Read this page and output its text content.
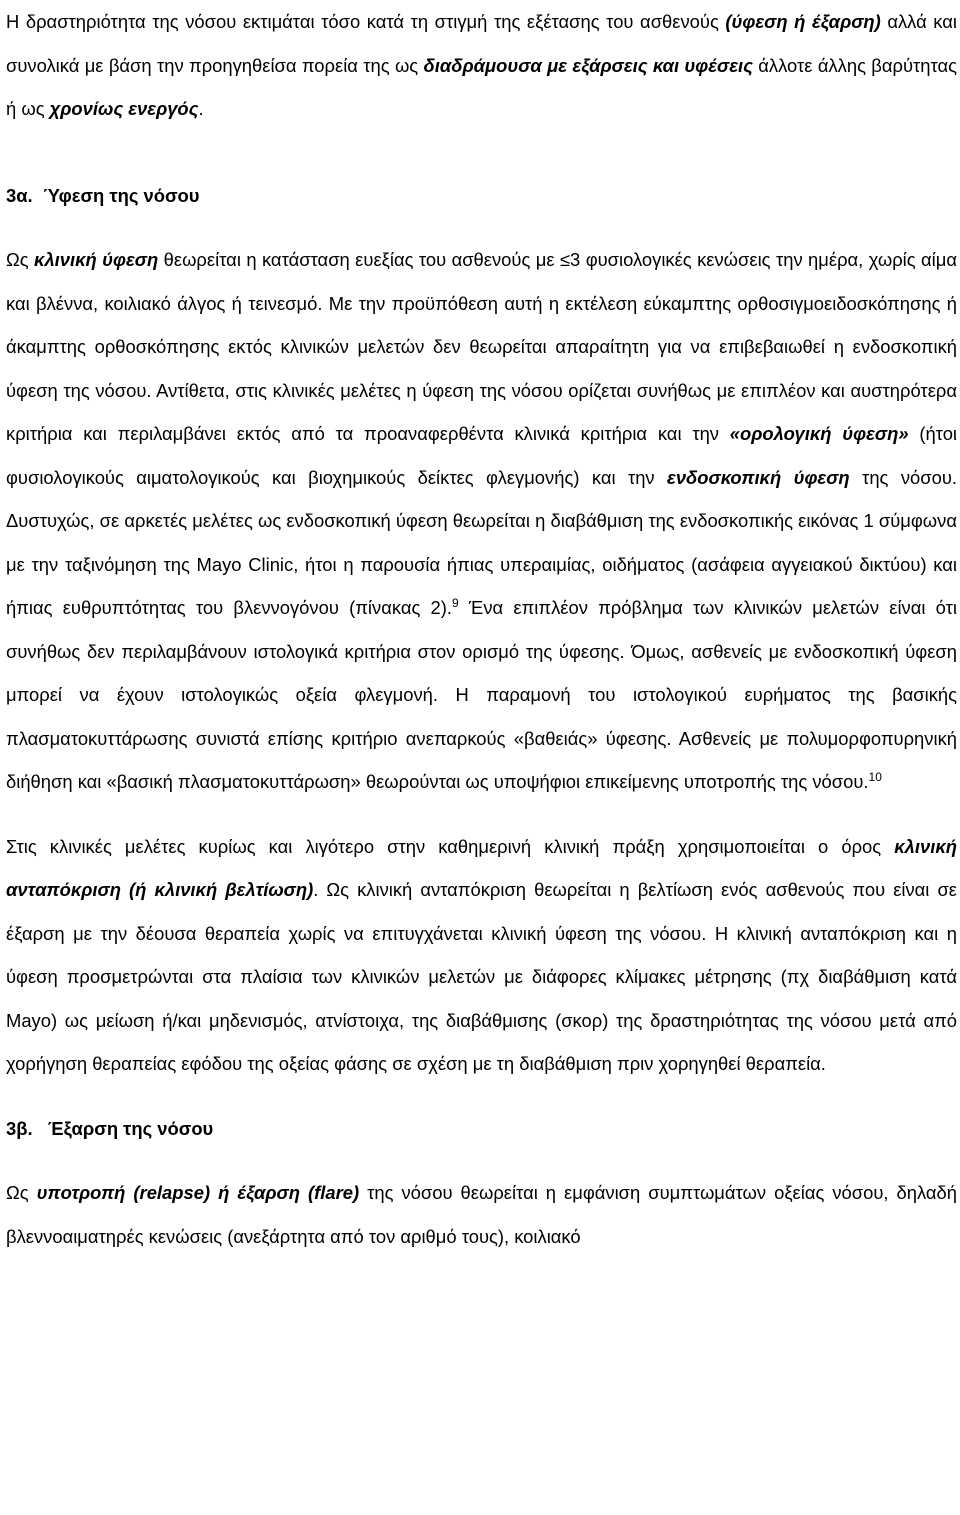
Η δραστηριότητα της νόσου εκτιμάται τόσο κατά τη στιγμή της εξέτασης του ασθενούς (ύφεση ή έξαρση) αλλά και συνολικά με βάση την προηγηθείσα πορεία της ως διαδράμουσα με εξάρσεις και υφέσεις άλλοτε άλλης βαρύτητας ή ως χρονίως ενεργός.

3α. Ύφεση της νόσου

Ως κλινική ύφεση θεωρείται η κατάσταση ευεξίας του ασθενούς με ≤3 φυσιολογικές κενώσεις την ημέρα, χωρίς αίμα και βλέννα, κοιλιακό άλγος ή τεινεσμό. Με την προϋπόθεση αυτή η εκτέλεση εύκαμπτης ορθοσιγμοειδοσκόπησης ή άκαμπτης ορθοσκόπησης εκτός κλινικών μελετών δεν θεωρείται απαραίτητη για να επιβεβαιωθεί η ενδοσκοπική ύφεση της νόσου. Αντίθετα, στις κλινικές μελέτες η ύφεση της νόσου ορίζεται συνήθως με επιπλέον και αυστηρότερα κριτήρια και περιλαμβάνει εκτός από τα προαναφερθέντα κλινικά κριτήρια και την «ορολογική ύφεση» (ήτοι φυσιολογικούς αιματολογικούς και βιοχημικούς δείκτες φλεγμονής) και την ενδοσκοπική ύφεση της νόσου. Δυστυχώς, σε αρκετές μελέτες ως ενδοσκοπική ύφεση θεωρείται η διαβάθμιση της ενδοσκοπικής εικόνας 1 σύμφωνα με την ταξινόμηση της Mayo Clinic, ήτοι η παρουσία ήπιας υπεραιμίας, οιδήματος (ασάφεια αγγειακού δικτύου) και ήπιας ευθρυπτότητας του βλεννογόνου (πίνακας 2).$^9$ Ένα επιπλέον πρόβλημα των κλινικών μελετών είναι ότι συνήθως δεν περιλαμβάνουν ιστολογικά κριτήρια στον ορισμό της ύφεσης. Όμως, ασθενείς με ενδοσκοπική ύφεση μπορεί να έχουν ιστολογικώς οξεία φλεγμονή. Η παραμονή του ιστολογικού ευρήματος της βασικής πλασματοκυττάρωσης συνιστά επίσης κριτήριο ανεπαρκούς «βαθειάς» ύφεσης. Ασθενείς με πολυμορφοπυρηνική διήθηση και «βασική πλασματοκυττάρωση» θεωρούνται ως υποψήφιοι επικείμενης υποτροπής της νόσου.$^{10}$

Στις κλινικές μελέτες κυρίως και λιγότερο στην καθημερινή κλινική πράξη χρησιμοποιείται ο όρος κλινική ανταπόκριση (ή κλινική βελτίωση). Ως κλινική ανταπόκριση θεωρείται η βελτίωση ενός ασθενούς που είναι σε έξαρση με την δέουσα θεραπεία χωρίς να επιτυγχάνεται κλινική ύφεση της νόσου. Η κλινική ανταπόκριση και η ύφεση προσμετρώνται στα πλαίσια των κλινικών μελετών με διάφορες κλίμακες μέτρησης (πχ διαβάθμιση κατά Mayo) ως μείωση ή/και μηδενισμός, ατνίστοιχα, της διαβάθμισης (σκορ) της δραστηριότητας της νόσου μετά από χορήγηση θεραπείας εφόδου της οξείας φάσης σε σχέση με τη διαβάθμιση πριν χορηγηθεί θεραπεία.

3β. Έξαρση της νόσου

Ως υποτροπή (relapse) ή έξαρση (flare) της νόσου θεωρείται η εμφάνιση συμπτωμάτων οξείας νόσου, δηλαδή βλεννοαιματηρές κενώσεις (ανεξάρτητα από τον αριθμό τους), κοιλιακό
